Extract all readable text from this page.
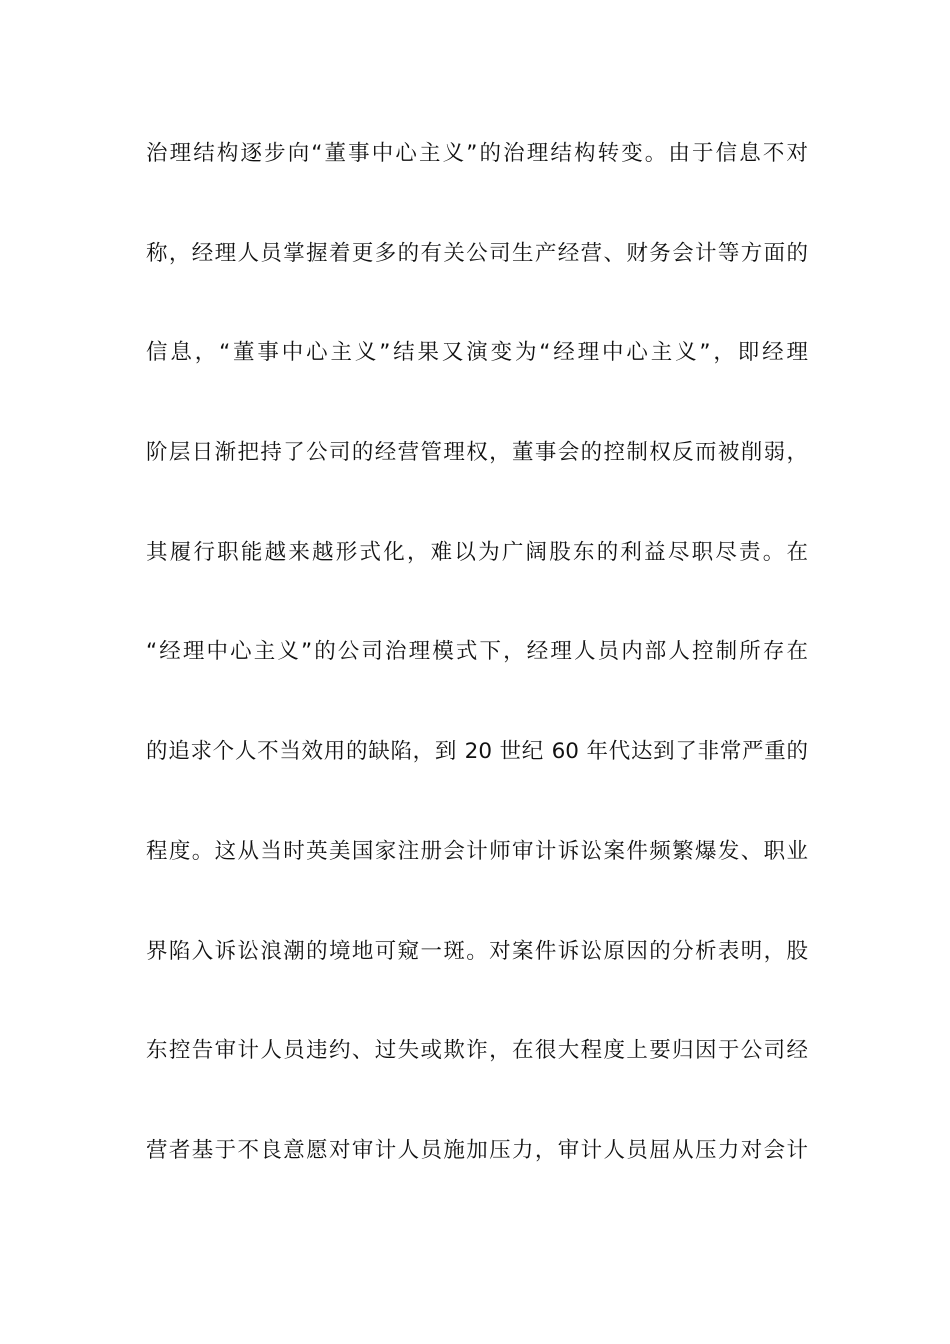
治理结构逐步向“董事中心主义”的治理结构转变。由于信息不对
称，经理人员掌握着更多的有关公司生产经营、财务会计等方面的
信息，“董事中心主义”结果又演变为“经理中心主义”，即经理
阶层日渐把持了公司的经营管理权，董事会的控制权反而被削弱，
其履行职能越来越形式化，难以为广阔股东的利益尽职尽责。在
“经理中心主义”的公司治理模式下，经理人员内部人控制所存在
的追求个人不当效用的缺陷，到 20 世纪 60 年代达到了非常严重的
程度。这从当时英美国家注册会计师审计诉讼案件频繁爆发、职业
界陷入诉讼浪潮的境地可窥一斑。对案件诉讼原因的分析表明，股
东控告审计人员违约、过失或欺诈，在很大程度上要归因于公司经
营者基于不良意愿对审计人员施加压力，审计人员屈从压力对会计
